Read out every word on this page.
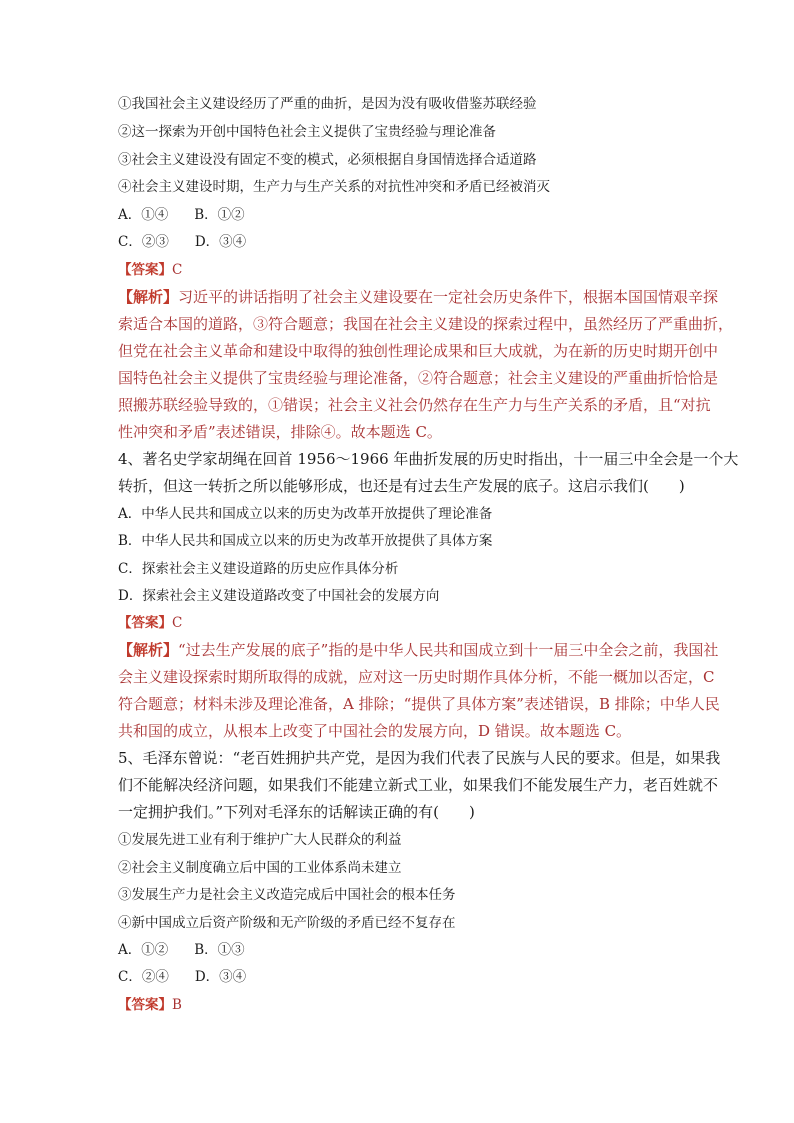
①我国社会主义建设经历了严重的曲折，是因为没有吸收借鉴苏联经验
②这一探索为开创中国特色社会主义提供了宝贵经验与理论准备
③社会主义建设没有固定不变的模式，必须根据自身国情选择合适道路
④社会主义建设时期，生产力与生产关系的对抗性冲突和矛盾已经被消灭
A．①④ B．①②
C．②③ D．③④
【答案】C
【解析】习近平的讲话指明了社会主义建设要在一定社会历史条件下，根据本国国情艰辛探
索适合本国的道路，③符合题意；我国在社会主义建设的探索过程中，虽然经历了严重曲折，
但党在社会主义革命和建设中取得的独创性理论成果和巨大成就，为在新的历史时期开创中
国特色社会主义提供了宝贵经验与理论准备，②符合题意；社会主义建设的严重曲折恰恰是
照搬苏联经验导致的，①错误；社会主义社会仍然存在生产力与生产关系的矛盾，且“对抗
性冲突和矛盾”表述错误，排除④。故本题选 C。
4、著名史学家胡绳在回首 1956～1966 年曲折发展的历史时指出，十一届三中全会是一个大
转折，但这一转折之所以能够形成，也还是有过去生产发展的底子。这启示我们(　　)
A．中华人民共和国成立以来的历史为改革开放提供了理论准备
B．中华人民共和国成立以来的历史为改革开放提供了具体方案
C．探索社会主义建设道路的历史应作具体分析
D．探索社会主义建设道路改变了中国社会的发展方向
【答案】C
【解析】“过去生产发展的底子”指的是中华人民共和国成立到十一届三中全会之前，我国社
会主义建设探索时期所取得的成就，应对这一历史时期作具体分析，不能一概加以否定，C
符合题意；材料未涉及理论准备，A 排除；“提供了具体方案”表述错误，B 排除；中华人民
共和国的成立，从根本上改变了中国社会的发展方向，D 错误。故本题选 C。
5、毛泽东曾说：“老百姓拥护共产党，是因为我们代表了民族与人民的要求。但是，如果我
们不能解决经济问题，如果我们不能建立新式工业，如果我们不能发展生产力，老百姓就不
一定拥护我们。”下列对毛泽东的话解读正确的有(　　)
①发展先进工业有利于维护广大人民群众的利益
②社会主义制度确立后中国的工业体系尚未建立
③发展生产力是社会主义改造完成后中国社会的根本任务
④新中国成立后资产阶级和无产阶级的矛盾已经不复存在
A．①② B．①③
C．②④ D．③④
【答案】B
